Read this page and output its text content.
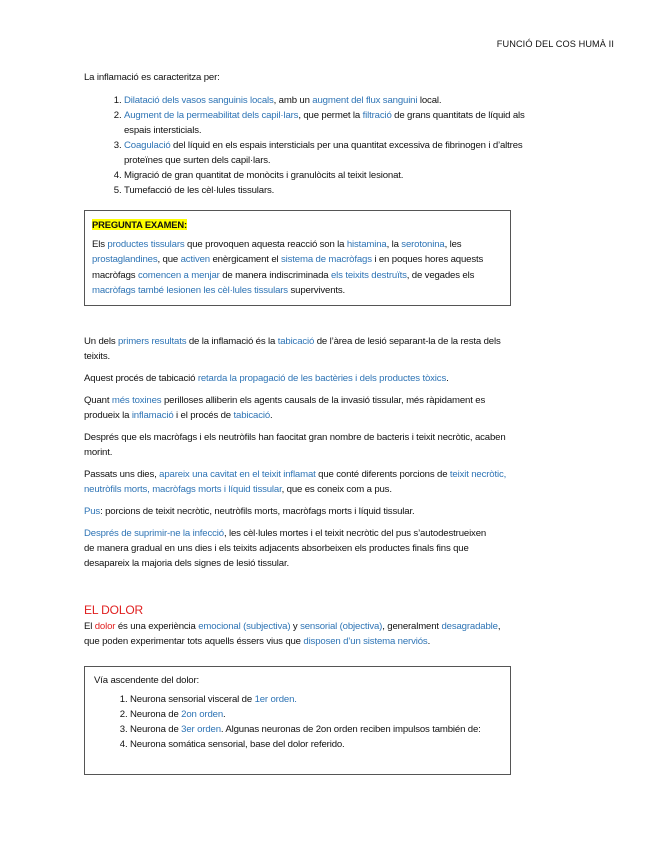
FUNCIÓ DEL COS HUMÀ II

La inflamació es caracteritza per:

1. Dilatació dels vasos sanguinis locals, amb un augment del flux sanguini local.
2. Augment de la permeabilitat dels capil·lars, que permet la filtració de grans quantitats de líquid als espais intersticials.
3. Coagulació del líquid en els espais intersticials per una quantitat excessiva de fibrinogen i d’altres proteïnes que surten dels capil·lars.
4. Migració de gran quantitat de monòcits i granulòcits al teixit lesionat.
5. Tumefacció de les cèl·lules tissulars.
PREGUNTA EXAMEN:
Els productes tissulars que provoquen aquesta reacció son la histamina, la serotonina, les prostaglandines, que activen enèrgicament el sistema de macròfags i en poques hores aquests macròfags comencen a menjar de manera indiscriminada els teixits destruïts, de vegades els macròfags també lesionen les cèl·lules tissulars supervivents.

Un dels primers resultats de la inflamació és la tabicació de l’àrea de lesió separant-la de la resta dels teixits.

Aquest procés de tabicació retarda la propagació de les bactèries i dels productes tòxics.

Quant més toxines perilloses alliberin els agents causals de la invasió tissular, més ràpidament es produeix la inflamació i el procés de tabicació.

Després que els macròfags i els neutròfils han faocitat gran nombre de bacteris i teixit necròtic, acaben morint.

Passats uns dies, apareix una cavitat en el teixit inflamat que conté diferents porcions de teixit necròtic, neutròfils morts, macròfags morts i líquid tissular, que es coneix com a pus.

Pus: porcions de teixit necròtic, neutròfils morts, macròfags morts i líquid tissular.

Després de suprimir-ne la infecció, les cèl·lules mortes i el teixit necròtic del pus s’autodestrueixen de manera gradual en uns dies i els teixits adjacents absorbeixen els productes finals fins que desapareix la majoria dels signes de lesió tissular.

EL DOLOR

El dolor és una experiència emocional (subjectiva) y sensorial (objectiva), generalment desagradable, que poden experimentar tots aquells éssers vius que disposen d’un sistema nerviós.

Vía ascendente del dolor:
1. Neurona sensorial visceral de 1er orden.
2. Neurona de 2on orden.
3. Neurona de 3er orden. Algunas neuronas de 2on orden reciben impulsos también de:
4. Neurona somática sensorial, base del dolor referido.
